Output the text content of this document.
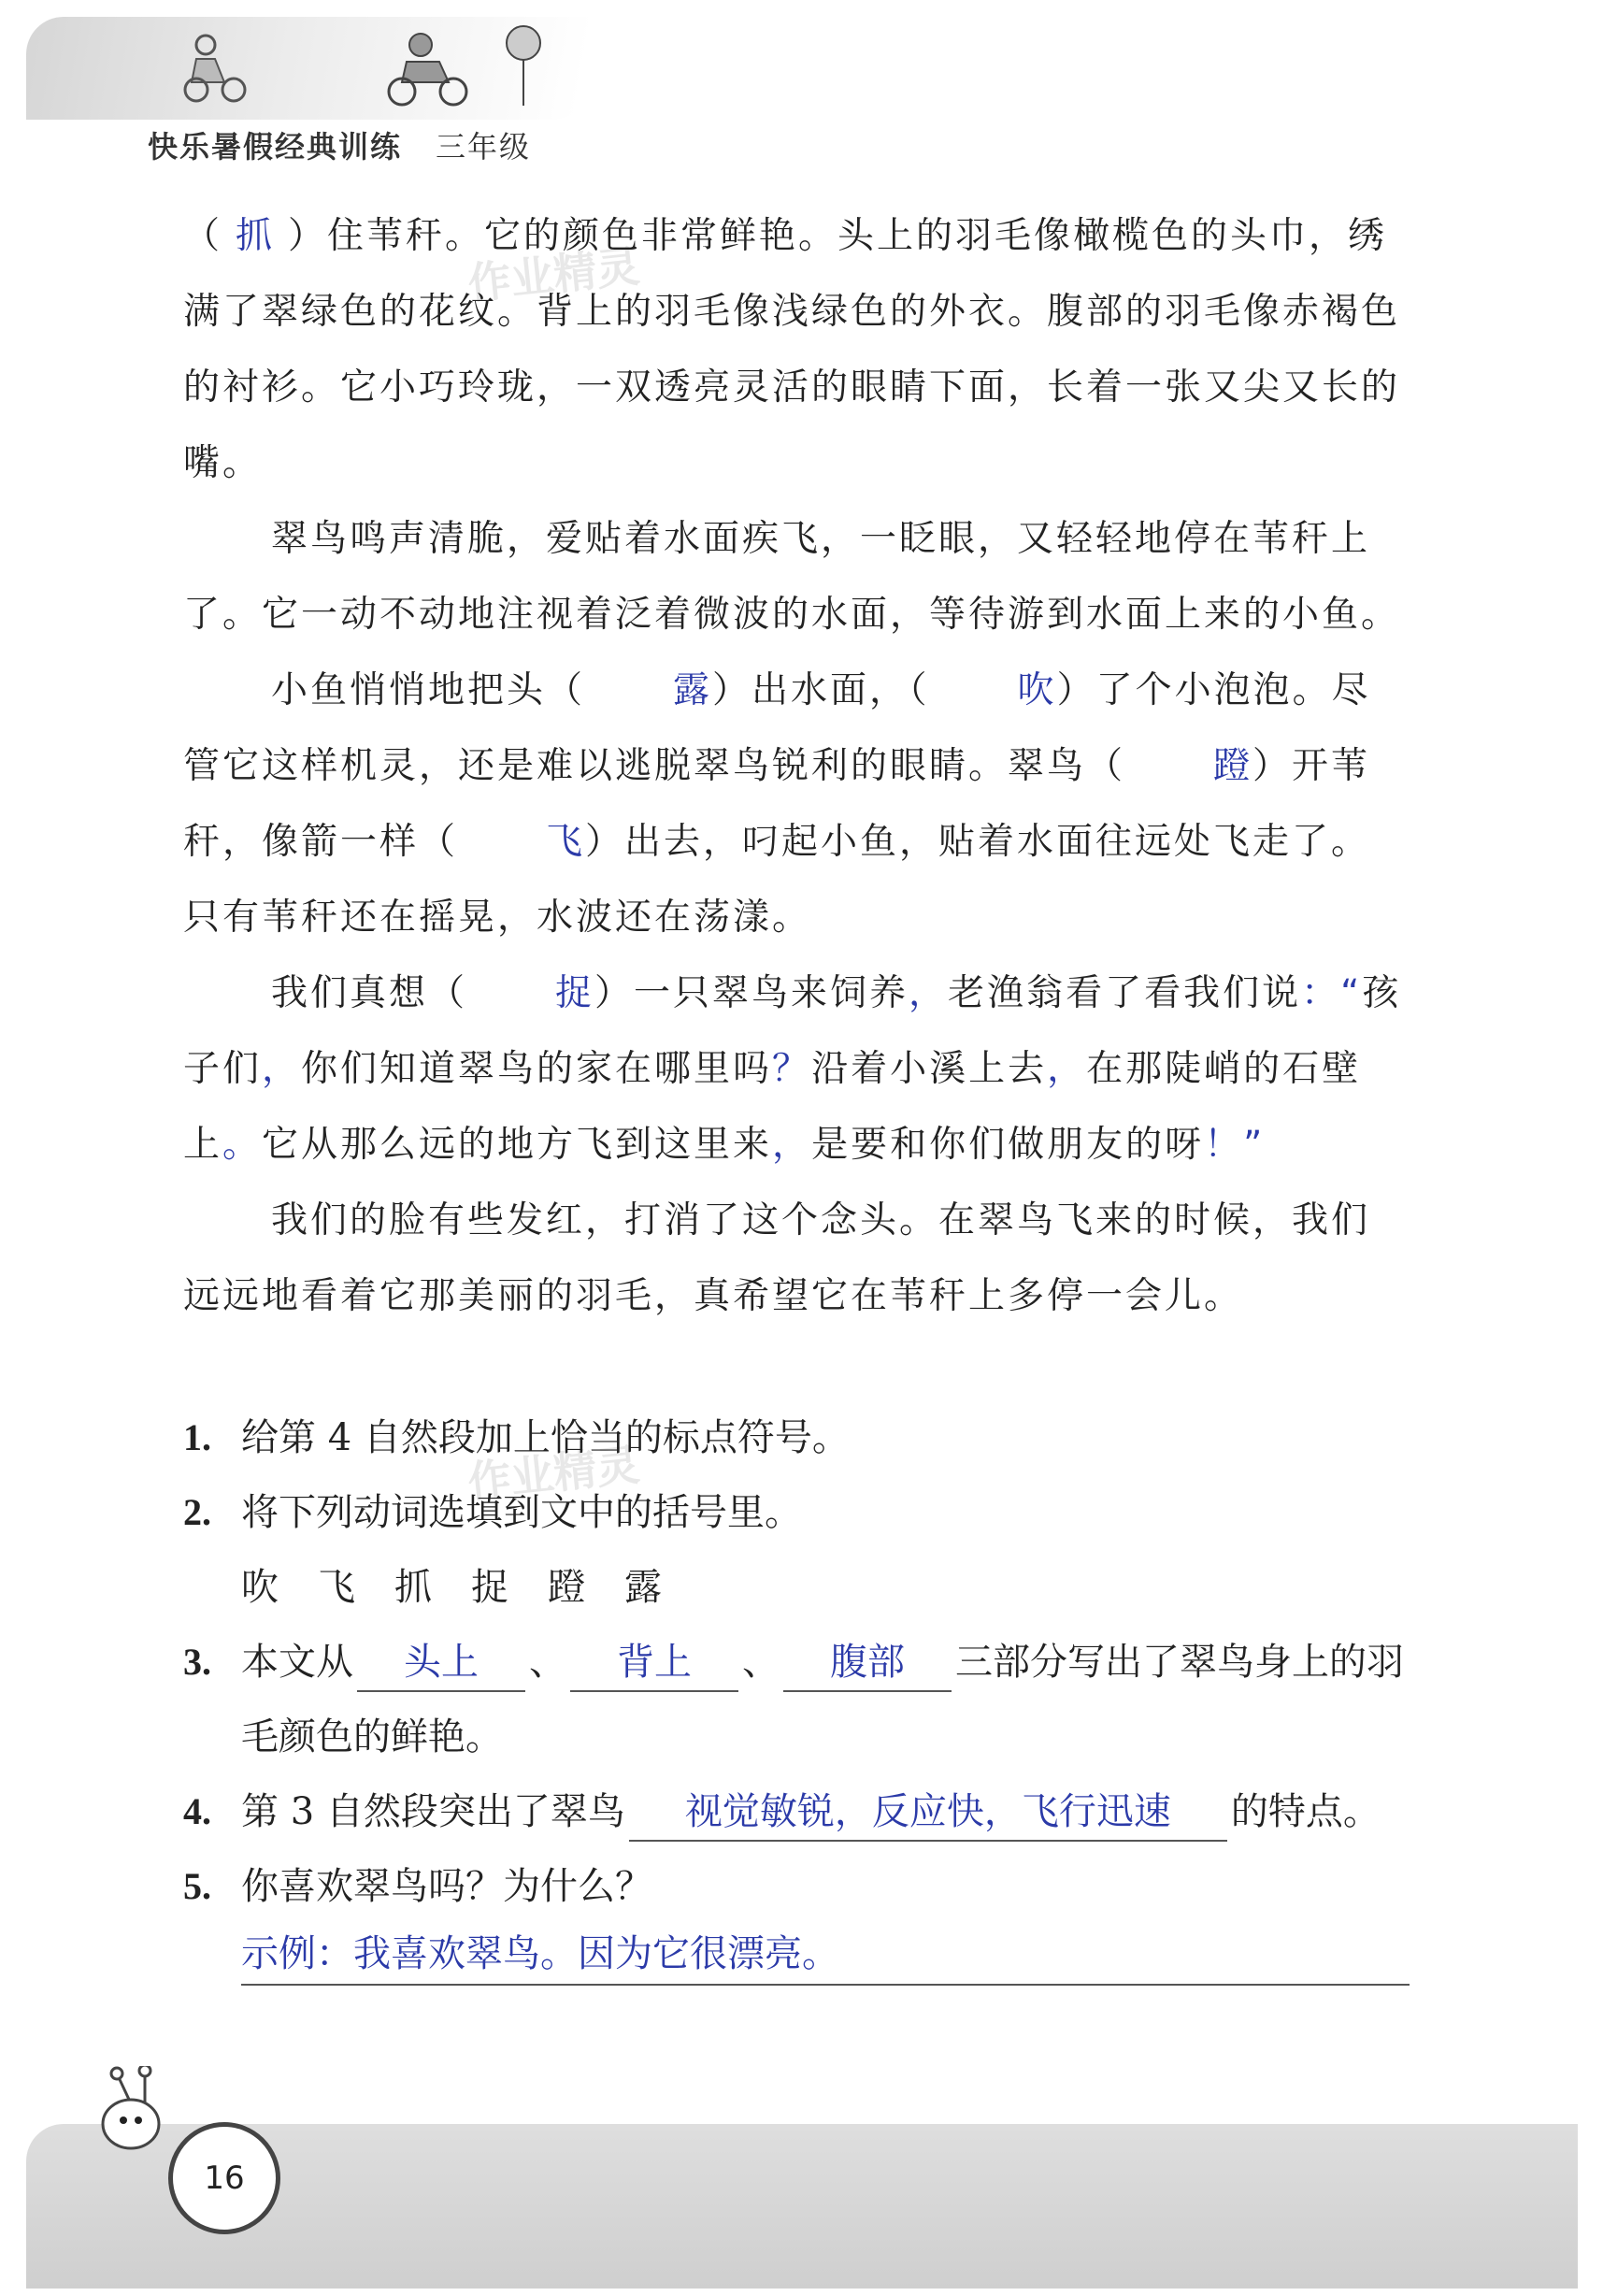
快乐暑假经典训练 三年级
作业精灵
作业精灵

（ 抓 ）住苇秆。它的颜色非常鲜艳。头上的羽毛像橄榄色的头巾，绣满了翠绿色的花纹。背上的羽毛像浅绿色的外衣。腹部的羽毛像赤褐色的衬衫。它小巧玲珑，一双透亮灵活的眼睛下面，长着一张又尖又长的嘴。

翠鸟鸣声清脆，爱贴着水面疾飞，一眨眼，又轻轻地停在苇秆上了。它一动不动地注视着泛着微波的水面，等待游到水面上来的小鱼。

小鱼悄悄地把头（ 露）出水面，（ 吹）了个小泡泡。尽管它这样机灵，还是难以逃脱翠鸟锐利的眼睛。翠鸟（ 蹬）开苇秆，像箭一样（ 飞）出去，叼起小鱼，贴着水面往远处飞走了。只有苇秆还在摇晃，水波还在荡漾。

我们真想（ 捉）一只翠鸟来饲养，老渔翁看了看我们说：“孩子们，你们知道翠鸟的家在哪里吗？沿着小溪上去，在那陡峭的石壁上。它从那么远的地方飞到这里来，是要和你们做朋友的呀！”

我们的脸有些发红，打消了这个念头。在翠鸟飞来的时候，我们远远地看着它那美丽的羽毛，真希望它在苇秆上多停一会儿。

1. 给第 4 自然段加上恰当的标点符号。

2. 将下列动词选填到文中的括号里。

吹 飞 抓 捉 蹬 露

3. 本文从 头上 、 背上 、 腹部 三部分写出了翠鸟身上的羽毛颜色的鲜艳。

4. 第 3 自然段突出了翠鸟 视觉敏锐，反应快，飞行迅速 的特点。

5. 你喜欢翠鸟吗？为什么？

示例：我喜欢翠鸟。因为它很漂亮。
16
